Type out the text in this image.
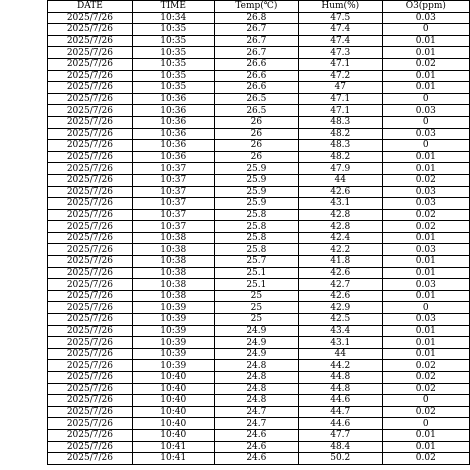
DATE	TIME	Temp(℃)	Hum(%)	O3(ppm)
2025/7/26	10:34	26.8	47.5	0.03
2025/7/26	10:35	26.7	47.4	0
2025/7/26	10:35	26.7	47.4	0.01
2025/7/26	10:35	26.7	47.3	0.01
2025/7/26	10:35	26.6	47.1	0.02
2025/7/26	10:35	26.6	47.2	0.01
2025/7/26	10:35	26.6	47	0.01
2025/7/26	10:36	26.5	47.1	0
2025/7/26	10:36	26.5	47.1	0.03
2025/7/26	10:36	26	48.3	0
2025/7/26	10:36	26	48.2	0.03
2025/7/26	10:36	26	48.3	0
2025/7/26	10:36	26	48.2	0.01
2025/7/26	10:37	25.9	47.9	0.01
2025/7/26	10:37	25.9	44	0.02
2025/7/26	10:37	25.9	42.6	0.03
2025/7/26	10:37	25.9	43.1	0.03
2025/7/26	10:37	25.8	42.8	0.02
2025/7/26	10:37	25.8	42.8	0.02
2025/7/26	10:38	25.8	42.4	0.01
2025/7/26	10:38	25.8	42.2	0.03
2025/7/26	10:38	25.7	41.8	0.01
2025/7/26	10:38	25.1	42.6	0.01
2025/7/26	10:38	25.1	42.7	0.03
2025/7/26	10:38	25	42.6	0.01
2025/7/26	10:39	25	42.9	0
2025/7/26	10:39	25	42.5	0.03
2025/7/26	10:39	24.9	43.4	0.01
2025/7/26	10:39	24.9	43.1	0.01
2025/7/26	10:39	24.9	44	0.01
2025/7/26	10:39	24.8	44.2	0.02
2025/7/26	10:40	24.8	44.8	0.02
2025/7/26	10:40	24.8	44.8	0.02
2025/7/26	10:40	24.8	44.6	0
2025/7/26	10:40	24.7	44.7	0.02
2025/7/26	10:40	24.7	44.6	0
2025/7/26	10:40	24.6	47.7	0.01
2025/7/26	10:41	24.6	48.4	0.01
2025/7/26	10:41	24.6	50.2	0.02
